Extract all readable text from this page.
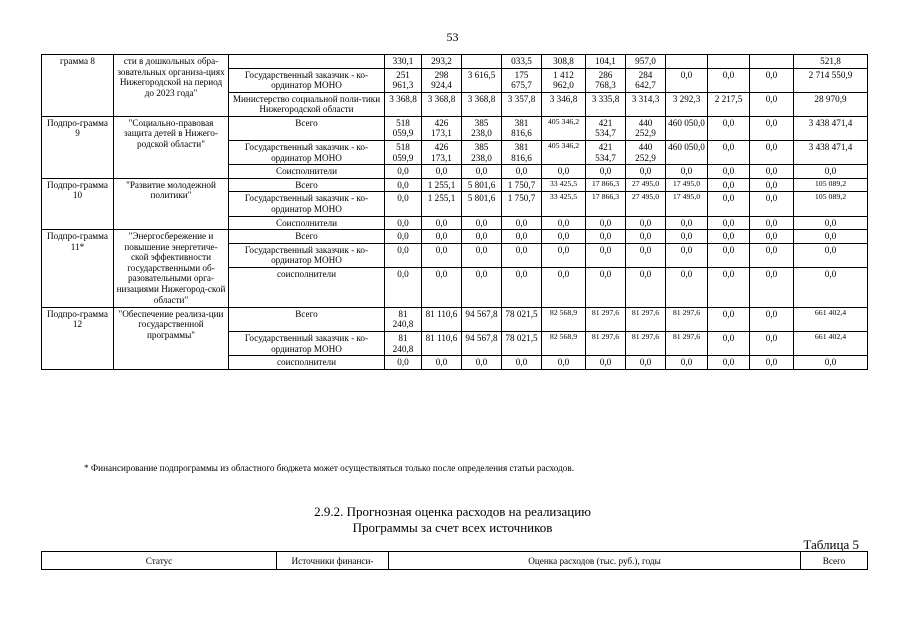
53
грамма 8	сти в дошкольных обра-зовательных организа-циях Нижегородской на период до 2023 года"		330,1	293,2		033,5	308,8	104,1	957,0				521,8
		Государственный заказчик - ко-ординатор МОНО	251 961,3	298 924,4	3 616,5	175 675,7	1 412 962,0	286 768,3	284 642,7	0,0	0,0	0,0	2 714 550,9
		Министерство социальной поли-тики Нижегородской области	3 368,8	3 368,8	3 368,8	3 357,8	3 346,8	3 335,8	3 314,3	3 292,3	2 217,5	0,0	28 970,9
Подпро-грамма 9	"Социально-правовая защита детей в Нижего-родской области"	Всего	518 059,9	426 173,1	385 238,0	381 816,6	405 346,2	421 534,7	440 252,9	460 050,0	0,0	0,0	3 438 471,4
		Государственный заказчик - ко-ординатор МОНО	518 059,9	426 173,1	385 238,0	381 816,6	405 346,2	421 534,7	440 252,9	460 050,0	0,0	0,0	3 438 471,4
		Соисполнители	0,0	0,0	0,0	0,0	0,0	0,0	0,0	0,0	0,0	0,0	0,0
Подпро-грамма 10	"Развитие молодежной политики"	Всего	0,0	1 255,1	5 801,6	1 750,7	33 425,5	17 866,3	27 495,0	17 495,0	0,0	0,0	105 089,2
		Государственный заказчик - ко-ординатор МОНО	0,0	1 255,1	5 801,6	1 750,7	33 425,5	17 866,3	27 495,0	17 495,0	0,0	0,0	105 089,2
		Соисполнители	0,0	0,0	0,0	0,0	0,0	0,0	0,0	0,0	0,0	0,0	0,0
Подпро-грамма 11*	"Энергосбережение и повышение энергетиче-ской эффективности государственными об-разовательными орга-низациями Нижегород-ской области"	Всего	0,0	0,0	0,0	0,0	0,0	0,0	0,0	0,0	0,0	0,0	0,0
		Государственный заказчик - ко-ординатор МОНО	0,0	0,0	0,0	0,0	0,0	0,0	0,0	0,0	0,0	0,0	0,0
		соисполнители	0,0	0,0	0,0	0,0	0,0	0,0	0,0	0,0	0,0	0,0	0,0
Подпро-грамма 12	"Обеспечение реализа-ции государственной программы"	Всего	81 240,8	81 110,6	94 567,8	78 021,5	82 568,9	81 297,6	81 297,6	81 297,6	0,0	0,0	661 402,4
		Государственный заказчик - ко-ординатор МОНО	81 240,8	81 110,6	94 567,8	78 021,5	82 568,9	81 297,6	81 297,6	81 297,6	0,0	0,0	661 402,4
		соисполнители	0,0	0,0	0,0	0,0	0,0	0,0	0,0	0,0	0,0	0,0	0,0
* Финансирование подпрограммы из областного бюджета может осуществляться только после определения статьи расходов.
2.9.2. Прогнозная оценка расходов на реализацию
Программы за счет всех источников
Таблица 5
Статус	Источники финанси-	Оценка расходов (тыс. руб.), годы	Всего
